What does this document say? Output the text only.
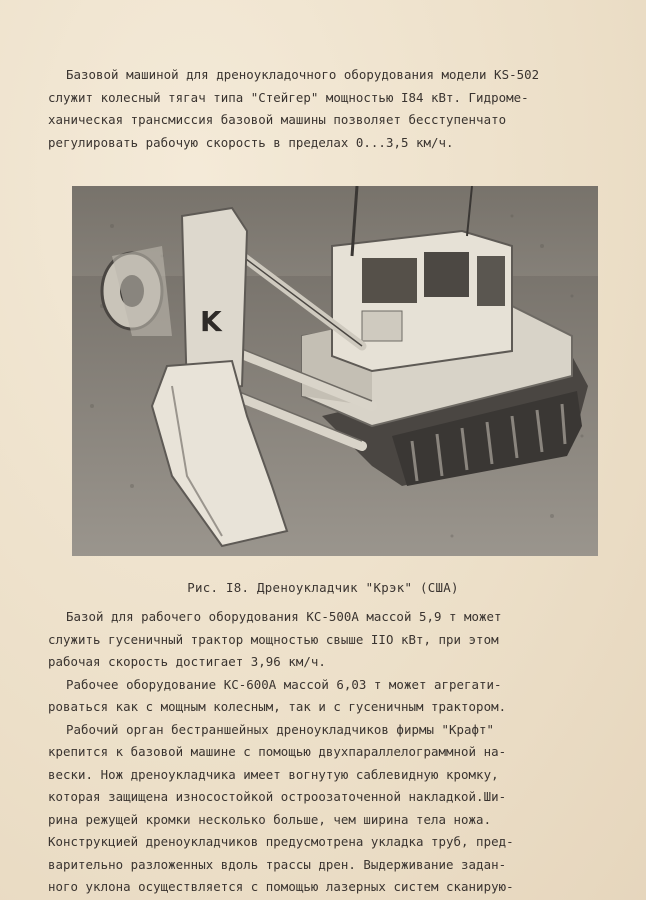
Базовой машиной для дреноукладочного оборудования модели KS-502
служит колесный тягач типа "Стейгер" мощностью I84 кВт. Гидроме-
ханическая трансмиссия базовой машины позволяет бесступенчато
регулировать рабочую скорость в пределах 0...3,5 км/ч.

K
Рис. I8. Дреноукладчик "Крэк" (США)

Базой для рабочего оборудования КС-500А массой 5,9 т может
служить гусеничный трактор мощностью свыше IIO кВт, при этом
рабочая скорость достигает 3,96 км/ч.
Рабочее оборудование КС-600А массой 6,03 т может агрегати-
роваться как с мощным колесным, так и с гусеничным трактором.
Рабочий орган бестраншейных дреноукладчиков фирмы "Крафт"
крепится к базовой машине с помощью двухпараллелограммной на-
вески. Нож дреноукладчика имеет вогнутую саблевидную кромку,
которая защищена износостойкой остроозаточенной накладкой.Ши-
рина режущей кромки несколько больше, чем ширина тела ножа.
Конструкцией дреноукладчиков предусмотрена укладка труб, пред-
варительно разложенных вдоль трассы дрен. Выдерживание задан-
ного уклона осуществляется с помощью лазерных систем сканирую-
